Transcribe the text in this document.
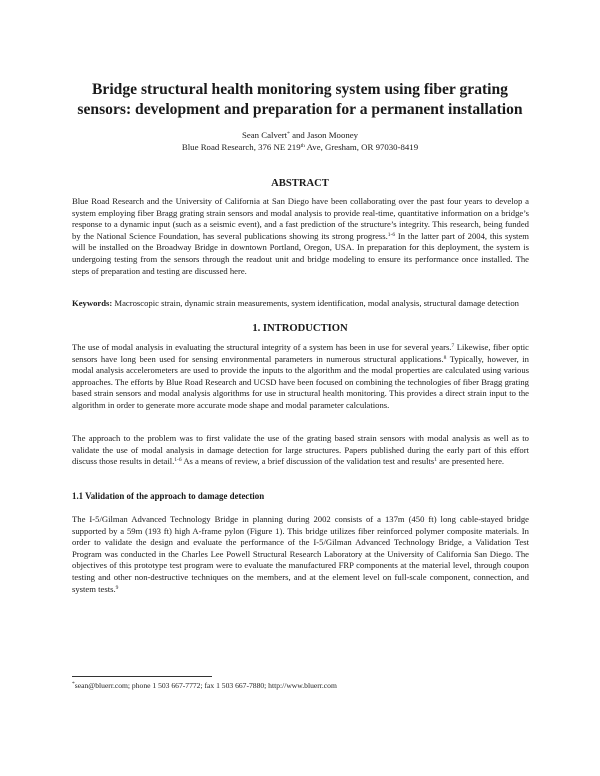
Bridge structural health monitoring system using fiber grating
sensors: development and preparation for a permanent installation
Sean Calvert* and Jason Mooney
Blue Road Research, 376 NE 219th Ave, Gresham, OR 97030-8419
ABSTRACT

Blue Road Research and the University of California at San Diego have been collaborating over the past four years to develop a system employing fiber Bragg grating strain sensors and modal analysis to provide real-time, quantitative information on a bridge’s response to a dynamic input (such as a seismic event), and a fast prediction of the structure’s integrity. This research, being funded by the National Science Foundation, has several publications showing its strong progress.$^{1-6}$ In the latter part of 2004, this system will be installed on the Broadway Bridge in downtown Portland, Oregon, USA. In preparation for this deployment, the system is undergoing testing from the sensors through the readout unit and bridge modeling to ensure its performance once installed. The steps of preparation and testing are discussed here.

Keywords: Macroscopic strain, dynamic strain measurements, system identification, modal analysis, structural damage detection

1. INTRODUCTION

The use of modal analysis in evaluating the structural integrity of a system has been in use for several years.$^7$ Likewise, fiber optic sensors have long been used for sensing environmental parameters in numerous structural applications.$^8$ Typically, however, in modal analysis accelerometers are used to provide the inputs to the algorithm and the modal properties are calculated using various approaches. The efforts by Blue Road Research and UCSD have been focused on combining the technologies of fiber Bragg grating based strain sensors and modal analysis algorithms for use in structural health monitoring. This provides a direct strain input to the algorithm in order to generate more accurate mode shape and modal parameter calculations.

The approach to the problem was to first validate the use of the grating based strain sensors with modal analysis as well as to validate the use of modal analysis in damage detection for large structures. Papers published during the early part of this effort discuss those results in detail.$^{1-6}$ As a means of review, a brief discussion of the validation test and results$^1$ are presented here.

1.1 Validation of the approach to damage detection

The I-5/Gilman Advanced Technology Bridge in planning during 2002 consists of a 137m (450 ft) long cable-stayed bridge supported by a 59m (193 ft) high A-frame pylon (Figure 1). This bridge utilizes fiber reinforced polymer composite materials. In order to validate the design and evaluate the performance of the I-5/Gilman Advanced Technology Bridge, a Validation Test Program was conducted in the Charles Lee Powell Structural Research Laboratory at the University of California San Diego. The objectives of this prototype test program were to evaluate the manufactured FRP components at the material level, through coupon testing and other non-destructive techniques on the members, and at the element level on full-scale component, connection, and system tests.$^9$

*sean@bluerr.com; phone 1 503 667-7772; fax 1 503 667-7880; http://www.bluerr.com
